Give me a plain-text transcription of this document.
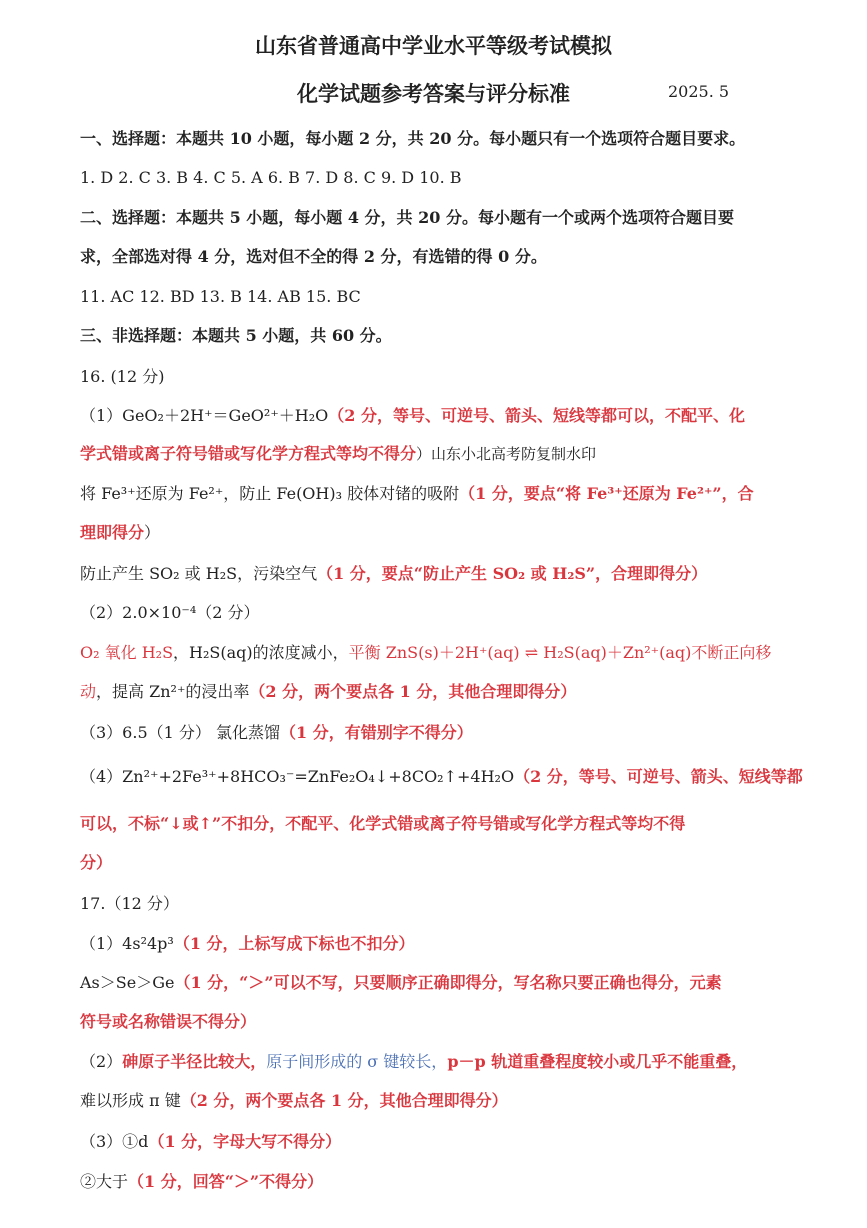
山东省普通高中学业水平等级考试模拟
化学试题参考答案与评分标准	2025. 5
一、选择题：本题共 10 小题，每小题 2 分，共 20 分。每小题只有一个选项符合题目要求。
1. D 2. C 3. B 4. C 5. A 6. B 7. D 8. C 9. D 10. B
二、选择题：本题共 5 小题，每小题 4 分，共 20 分。每小题有一个或两个选项符合题目要
求，全部选对得 4 分，选对但不全的得 2 分，有选错的得 0 分。
11. AC 12. BD 13. B 14. AB 15. BC
三、非选择题：本题共 5 小题，共 60 分。
16. (12 分)
（1）GeO₂＋2H⁺＝GeO²⁺＋H₂O（2 分，等号、可逆号、箭头、短线等都可以，不配平、化
学式错或离子符号错或写化学方程式等均不得分）山东小北高考防复制水印
将 Fe³⁺还原为 Fe²⁺，防止 Fe(OH)₃ 胶体对锗的吸附（1 分，要点“将 Fe³⁺还原为 Fe²⁺”，合
理即得分）
防止产生 SO₂ 或 H₂S，污染空气（1 分，要点“防止产生 SO₂ 或 H₂S”，合理即得分）
（2）2.0×10⁻⁴（2 分）
O₂ 氧化 H₂S，H₂S(aq)的浓度减小，平衡 ZnS(s)＋2H⁺(aq) ⇌ H₂S(aq)＋Zn²⁺(aq)不断正向移
动，提高 Zn²⁺的浸出率（2 分，两个要点各 1 分，其他合理即得分）
（3）6.5（1 分） 氯化蒸馏（1 分，有错别字不得分）
（4）Zn²⁺+2Fe³⁺+8HCO₃⁻=ZnFe₂O₄↓+8CO₂↑+4H₂O（2 分，等号、可逆号、箭头、短线等都
可以，不标“↓或↑”不扣分，不配平、化学式错或离子符号错或写化学方程式等均不得
分）
17.（12 分）
（1）4s²4p³（1 分，上标写成下标也不扣分）
As＞Se＞Ge（1 分，“＞”可以不写，只要顺序正确即得分，写名称只要正确也得分，元素
符号或名称错误不得分）
（2）砷原子半径比较大，原子间形成的 σ 键较长，p－p 轨道重叠程度较小或几乎不能重叠，
难以形成 π 键（2 分，两个要点各 1 分，其他合理即得分）
（3）①d（1 分，字母大写不得分）
②大于（1 分，回答“＞”不得分）
